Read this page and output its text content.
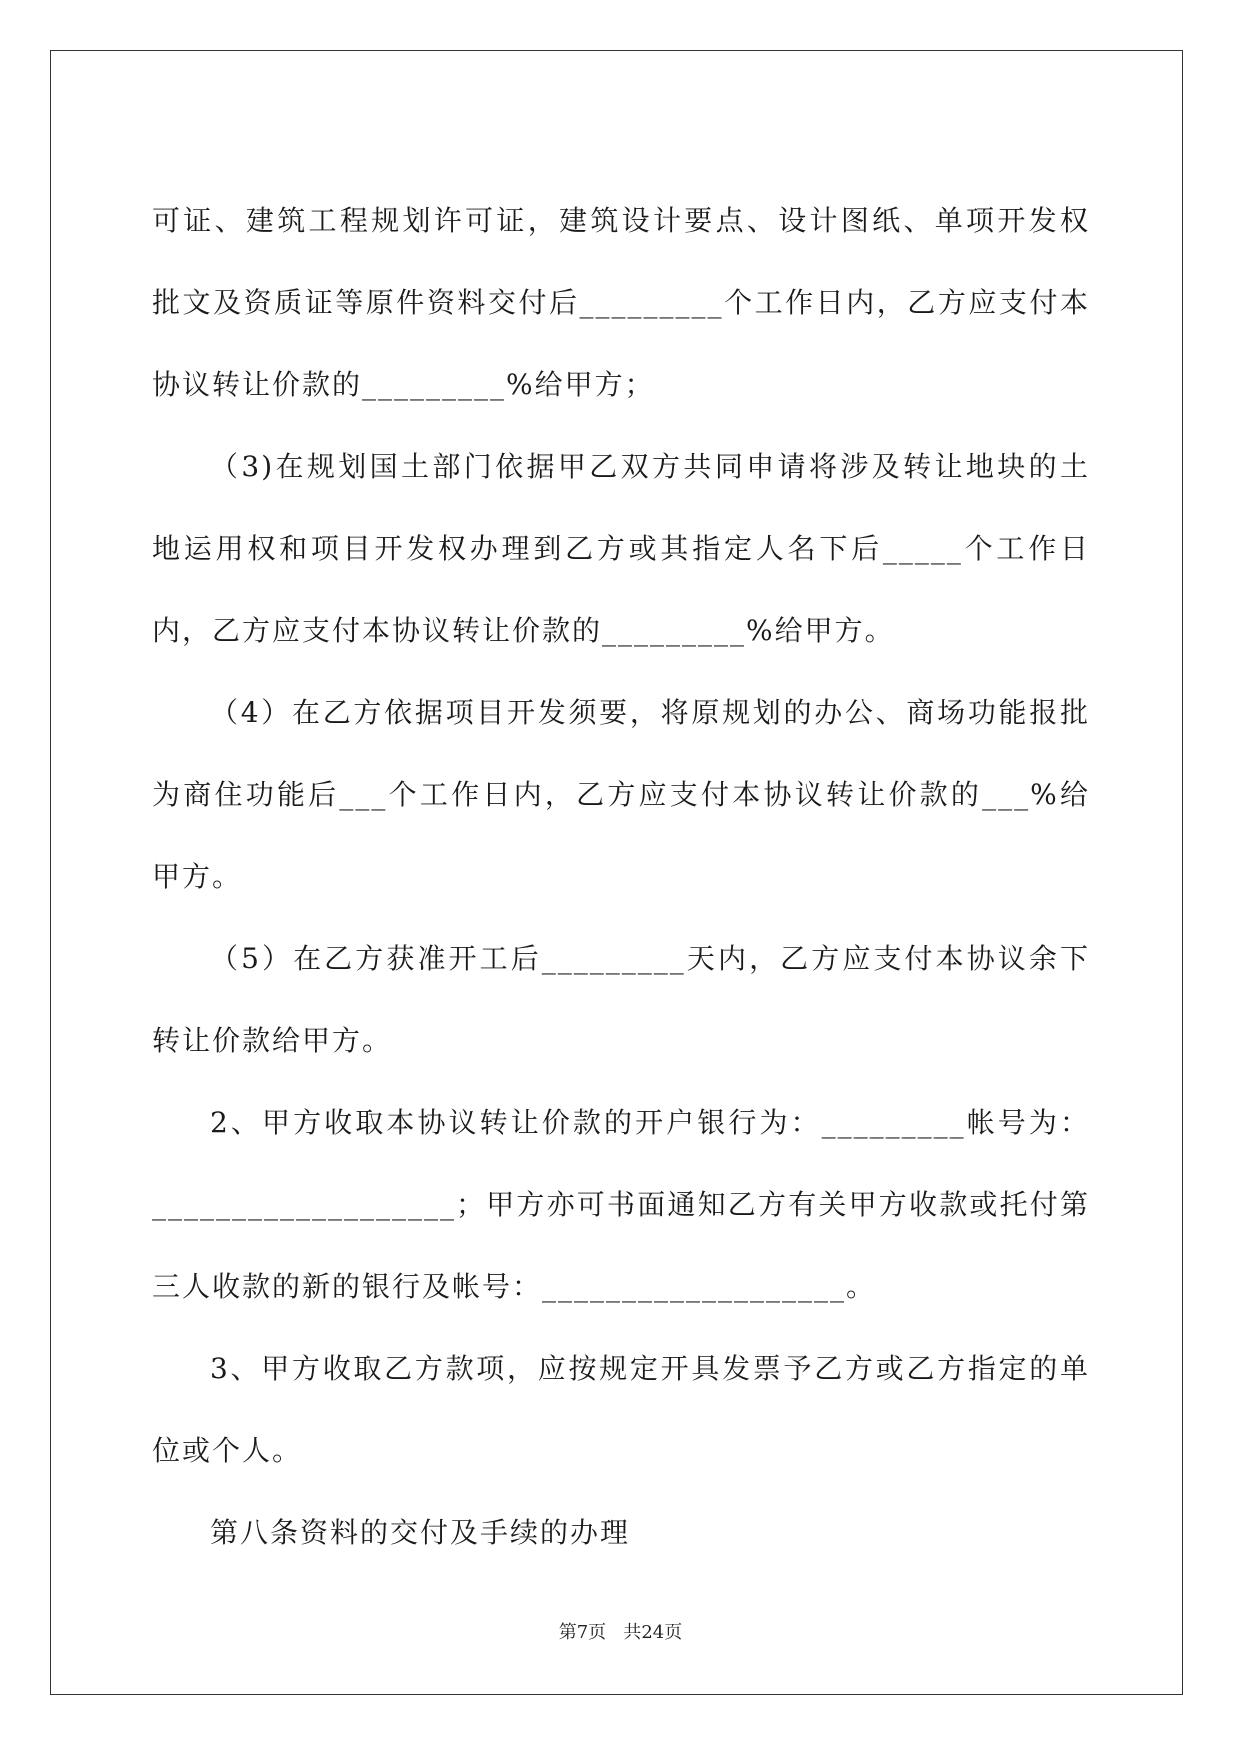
可证、建筑工程规划许可证，建筑设计要点、设计图纸、单项开发权
批文及资质证等原件资料交付后_________个工作日内，乙方应支付本
协议转让价款的_________%给甲方；
（3)在规划国土部门依据甲乙双方共同申请将涉及转让地块的土
地运用权和项目开发权办理到乙方或其指定人名下后_____个工作日
内，乙方应支付本协议转让价款的_________%给甲方。
（4）在乙方依据项目开发须要，将原规划的办公、商场功能报批
为商住功能后___个工作日内，乙方应支付本协议转让价款的___%给
甲方。
（5）在乙方获准开工后_________天内，乙方应支付本协议余下
转让价款给甲方。
2、甲方收取本协议转让价款的开户银行为：_________帐号为：
___________________；甲方亦可书面通知乙方有关甲方收款或托付第
三人收款的新的银行及帐号：___________________。
3、甲方收取乙方款项，应按规定开具发票予乙方或乙方指定的单
位或个人。
第八条资料的交付及手续的办理
第7页   共24页
